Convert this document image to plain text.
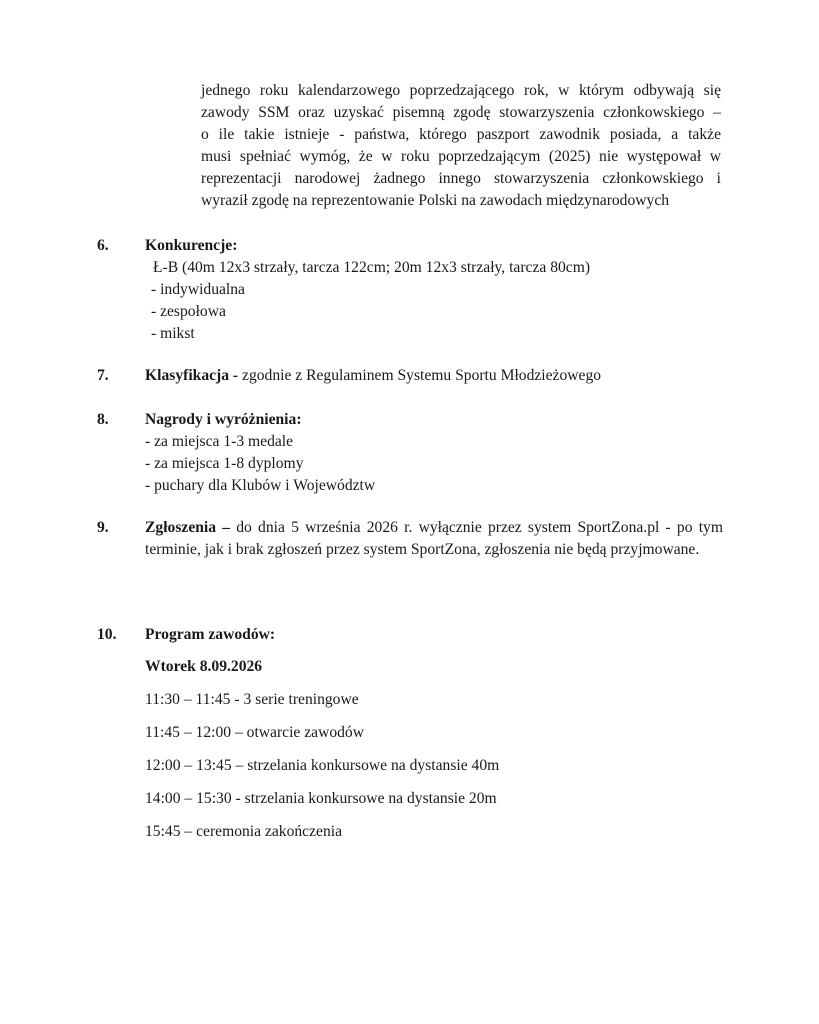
jednego roku kalendarzowego poprzedzającego rok, w którym odbywają się

zawody SSM oraz uzyskać pisemną zgodę stowarzyszenia członkowskiego –

o ile takie istnieje - państwa, którego paszport zawodnik posiada, a także

musi spełniać wymóg, że w roku poprzedzającym (2025) nie występował w

reprezentacji narodowej żadnego innego stowarzyszenia członkowskiego i

wyraził zgodę na reprezentowanie Polski na zawodach międzynarodowych

6. Konkurencje:
Ł-B (40m 12x3 strzały, tarcza 122cm; 20m 12x3 strzały, tarcza 80cm)
- indywidualna
- zespołowa
- mikst
7. Klasyfikacja - zgodnie z Regulaminem Systemu Sportu Młodzieżowego
8. Nagrody i wyróżnienia:
- za miejsca 1-3 medale
- za miejsca 1-8 dyplomy
- puchary dla Klubów i Województw
9. Zgłoszenia – do dnia 5 września 2026 r. wyłącznie przez system SportZona.pl - po tym terminie, jak i brak zgłoszeń przez system SportZona, zgłoszenia nie będą przyjmowane.
10. Program zawodów:
Wtorek 8.09.2026
11:30 – 11:45 - 3 serie treningowe
11:45 – 12:00 – otwarcie zawodów
12:00 – 13:45 – strzelania konkursowe na dystansie 40m
14:00 – 15:30 - strzelania konkursowe na dystansie 20m
15:45 – ceremonia zakończenia
